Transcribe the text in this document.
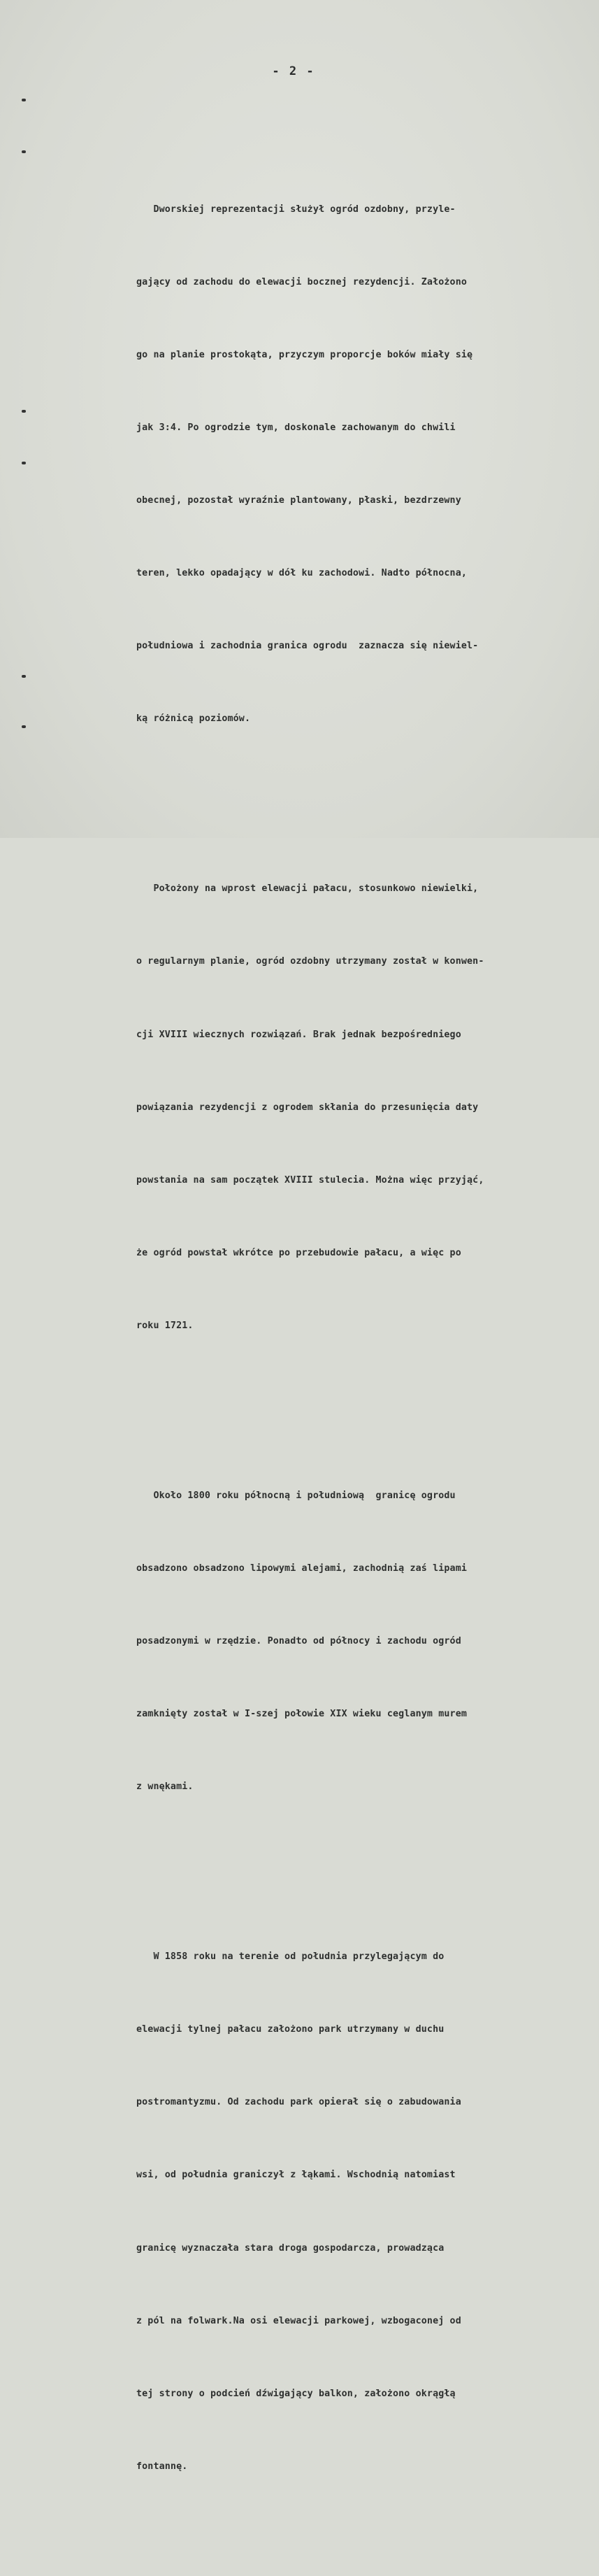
- 2 -

Dworskiej reprezentacji służył ogród ozdobny, przyle-

gający od zachodu do elewacji bocznej rezydencji. Założono

go na planie prostokąta, przyczym proporcje boków miały się

jak 3:4. Po ogrodzie tym, doskonale zachowanym do chwili

obecnej, pozostał wyraźnie plantowany, płaski, bezdrzewny

teren, lekko opadający w dół ku zachodowi. Nadto północna,

południowa i zachodnia granica ogrodu  zaznacza się niewiel-

ką różnicą poziomów.

Położony na wprost elewacji pałacu, stosunkowo niewielki,

o regularnym planie, ogród ozdobny utrzymany został w konwen-

cji XVIII wiecznych rozwiązań. Brak jednak bezpośredniego

powiązania rezydencji z ogrodem skłania do przesunięcia daty

powstania na sam początek XVIII stulecia. Można więc przyjąć,

że ogród powstał wkrótce po przebudowie pałacu, a więc po

roku 1721.

Około 1800 roku północną i południową  granicę ogrodu

obsadzono obsadzono lipowymi alejami, zachodnią zaś lipami

posadzonymi w rzędzie. Ponadto od północy i zachodu ogród

zamknięty został w I-szej połowie XIX wieku ceglanym murem

z wnękami.

W 1858 roku na terenie od południa przylegającym do

elewacji tylnej pałacu założono park utrzymany w duchu

postromantyzmu. Od zachodu park opierał się o zabudowania

wsi, od południa graniczył z łąkami. Wschodnią natomiast

granicę wyznaczała stara droga gospodarcza, prowadząca

z pól na folwark.Na osi elewacji parkowej, wzbogaconej od

tej strony o podcień dźwigający balkon, założono okrągłą

fontannę.
